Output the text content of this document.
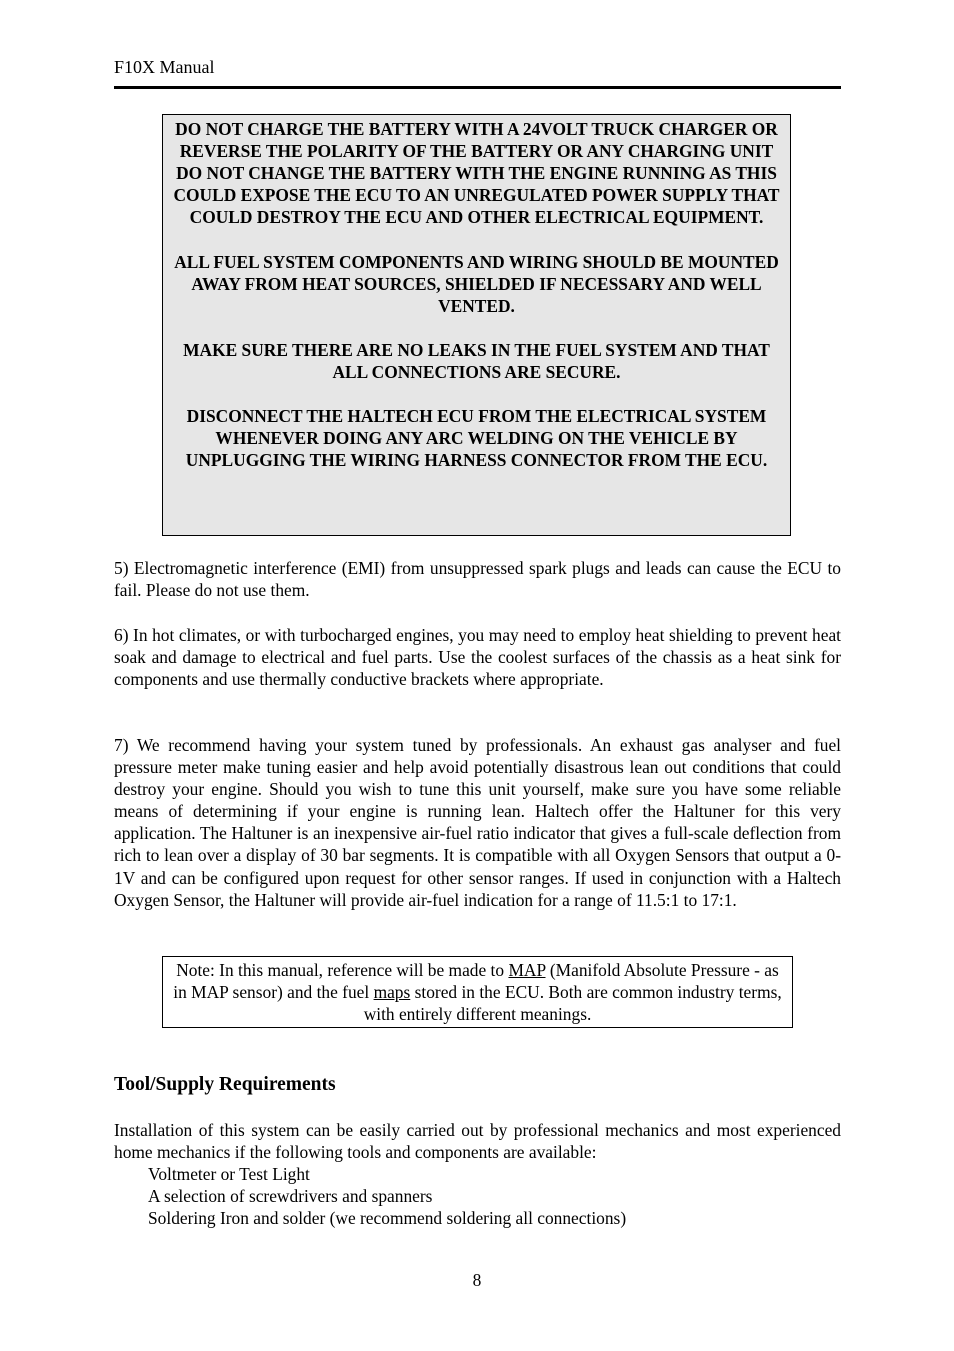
F10X Manual

DO NOT CHARGE THE BATTERY WITH A 24VOLT TRUCK CHARGER OR REVERSE THE POLARITY OF THE BATTERY OR ANY CHARGING UNIT

DO NOT CHANGE THE BATTERY WITH THE ENGINE RUNNING AS THIS COULD EXPOSE THE ECU TO AN UNREGULATED POWER SUPPLY THAT COULD DESTROY THE ECU AND OTHER ELECTRICAL EQUIPMENT.

ALL FUEL SYSTEM COMPONENTS AND WIRING SHOULD BE MOUNTED AWAY FROM HEAT SOURCES, SHIELDED IF NECESSARY AND WELL VENTED.

MAKE SURE THERE ARE NO LEAKS IN THE FUEL SYSTEM AND THAT ALL CONNECTIONS ARE SECURE.

DISCONNECT THE HALTECH ECU FROM THE ELECTRICAL SYSTEM WHENEVER DOING ANY ARC WELDING ON THE VEHICLE BY UNPLUGGING THE WIRING HARNESS CONNECTOR FROM THE ECU.

5) Electromagnetic interference (EMI) from unsuppressed spark plugs and leads can cause the ECU to fail. Please do not use them.

6) In hot climates, or with turbocharged engines, you may need to employ heat shielding to prevent heat soak and damage to electrical and fuel parts. Use the coolest surfaces of the chassis as a heat sink for components and use thermally conductive brackets where appropriate.

7) We recommend having your system tuned by professionals. An exhaust gas analyser and fuel pressure meter make tuning easier and help avoid potentially disastrous lean out conditions that could destroy your engine. Should you wish to tune this unit yourself, make sure you have some reliable means of determining if your engine is running lean. Haltech offer the Haltuner for this very application. The Haltuner is an inexpensive air-fuel ratio indicator that gives a full-scale deflection from rich to lean over a display of 30 bar segments. It is compatible with all Oxygen Sensors that output a 0-1V and can be configured upon request for other sensor ranges. If used in conjunction with a Haltech Oxygen Sensor, the Haltuner will provide air-fuel indication for a range of 11.5:1 to 17:1.

Note: In this manual, reference will be made to MAP (Manifold Absolute Pressure - as in MAP sensor) and the fuel maps stored in the ECU. Both are common industry terms, with entirely different meanings.
Tool/Supply Requirements

Installation of this system can be easily carried out by professional mechanics and most experienced home mechanics if the following tools and components are available:

Voltmeter or Test Light
A selection of screwdrivers and spanners
Soldering Iron and solder (we recommend soldering all connections)
8
